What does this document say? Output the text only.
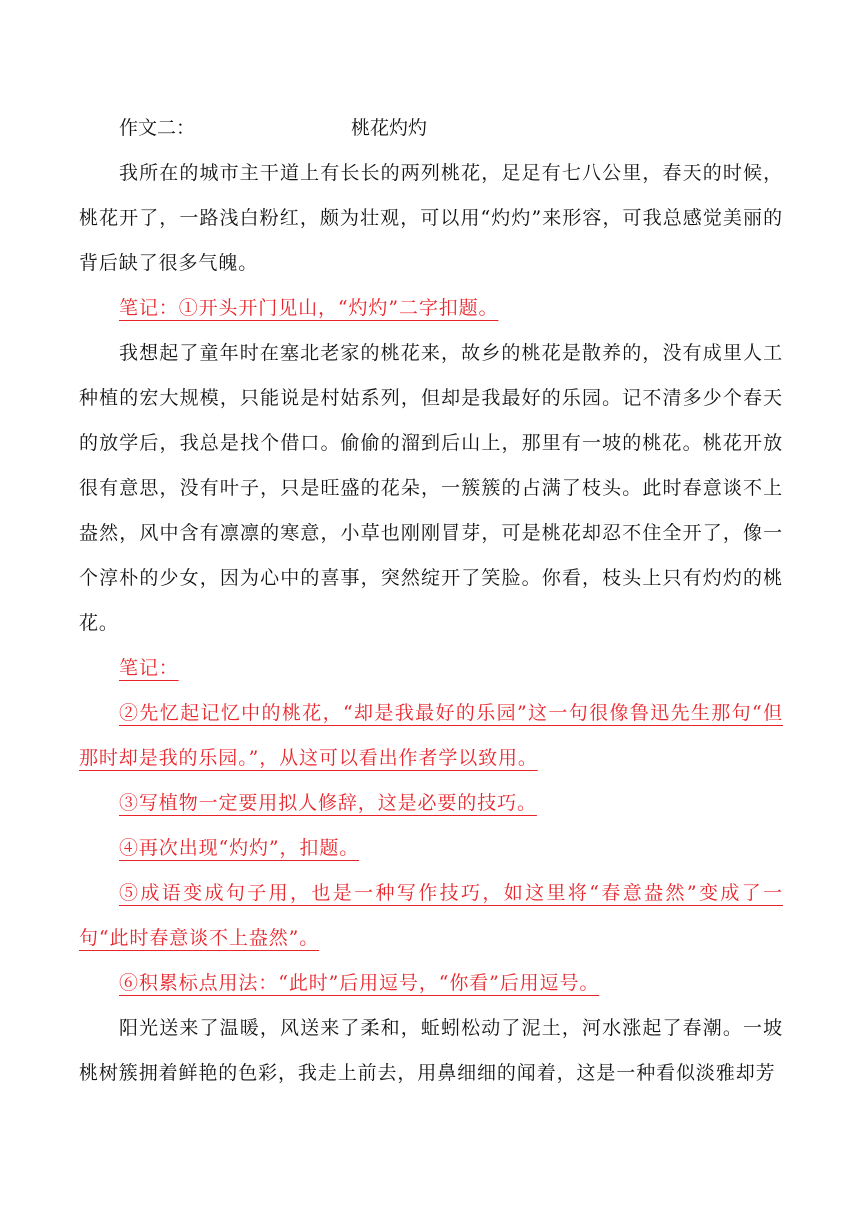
作文二：	桃花灼灼

我所在的城市主干道上有长长的两列桃花，足足有七八公里，春天的时候，桃花开了，一路浅白粉红，颇为壮观，可以用“灼灼”来形容，可我总感觉美丽的背后缺了很多气魄。

笔记：①开头开门见山，“灼灼”二字扣题。

我想起了童年时在塞北老家的桃花来，故乡的桃花是散养的，没有成里人工种植的宏大规模，只能说是村姑系列，但却是我最好的乐园。记不清多少个春天的放学后，我总是找个借口。偷偷的溜到后山上，那里有一坡的桃花。桃花开放很有意思，没有叶子，只是旺盛的花朵，一簇簇的占满了枝头。此时春意谈不上盎然，风中含有凛凛的寒意，小草也刚刚冒芽，可是桃花却忍不住全开了，像一个淳朴的少女，因为心中的喜事，突然绽开了笑脸。你看，枝头上只有灼灼的桃花。

笔记：

②先忆起记忆中的桃花，“却是我最好的乐园”这一句很像鲁迅先生那句“但那时却是我的乐园。”，从这可以看出作者学以致用。

③写植物一定要用拟人修辞，这是必要的技巧。

④再次出现“灼灼”，扣题。

⑤成语变成句子用，也是一种写作技巧，如这里将“春意盎然”变成了一句“此时春意谈不上盎然”。

⑥积累标点用法：“此时”后用逗号，“你看”后用逗号。

阳光送来了温暖，风送来了柔和，蚯蚓松动了泥土，河水涨起了春潮。一坡桃树簇拥着鲜艳的色彩，我走上前去，用鼻细细的闻着，这是一种看似淡雅却芳
